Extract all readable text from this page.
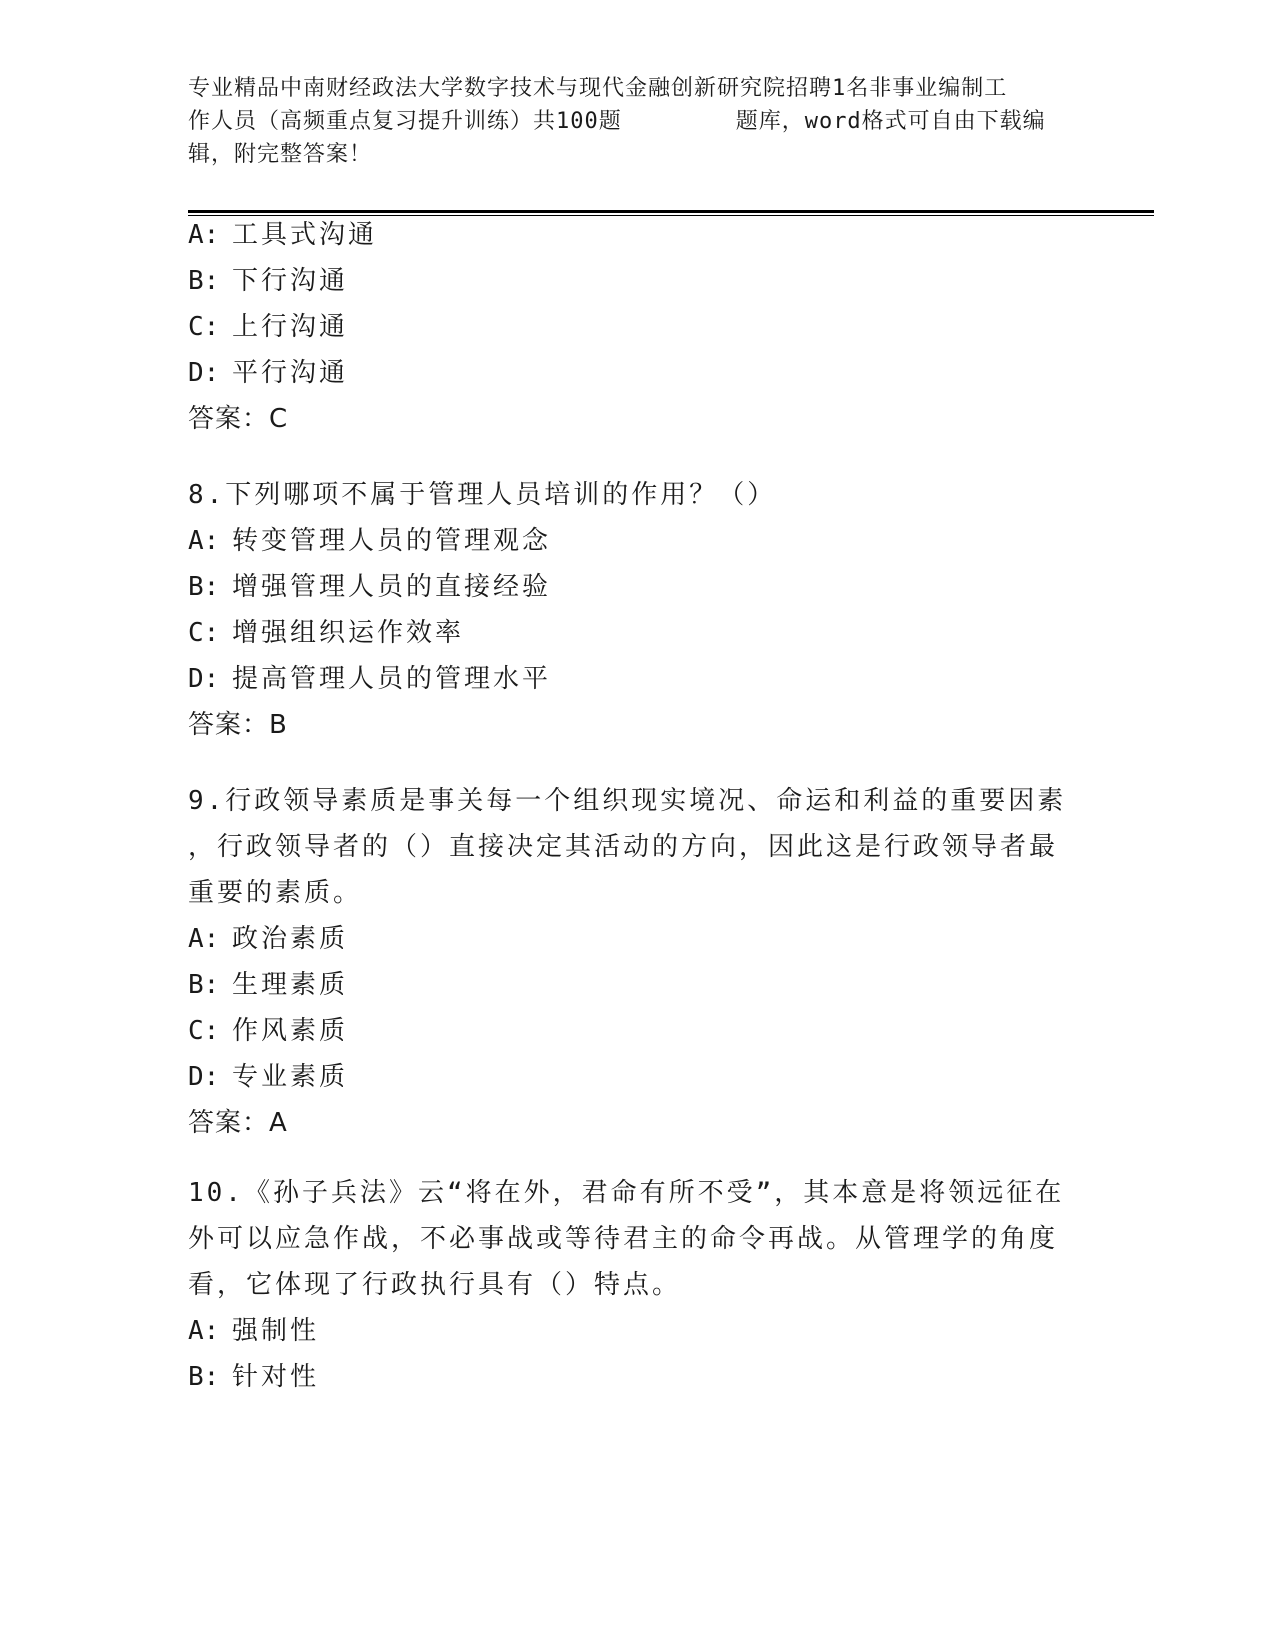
专业精品中南财经政法大学数字技术与现代金融创新研究院招聘1名非事业编制工
作人员（高频重点复习提升训练）共100题        题库，word格式可自由下载编
辑，附完整答案！
A: 工具式沟通
B: 下行沟通
C: 上行沟通
D: 平行沟通
答案：C
8.下列哪项不属于管理人员培训的作用？（）
A: 转变管理人员的管理观念
B: 增强管理人员的直接经验
C: 增强组织运作效率
D: 提高管理人员的管理水平
答案：B
9.行政领导素质是事关每一个组织现实境况、命运和利益的重要因素
，行政领导者的（）直接决定其活动的方向，因此这是行政领导者最
重要的素质。
A: 政治素质
B: 生理素质
C: 作风素质
D: 专业素质
答案：A
10.《孙子兵法》云“将在外，君命有所不受”，其本意是将领远征在
外可以应急作战，不必事战或等待君主的命令再战。从管理学的角度
看，它体现了行政执行具有（）特点。
A: 强制性
B: 针对性
